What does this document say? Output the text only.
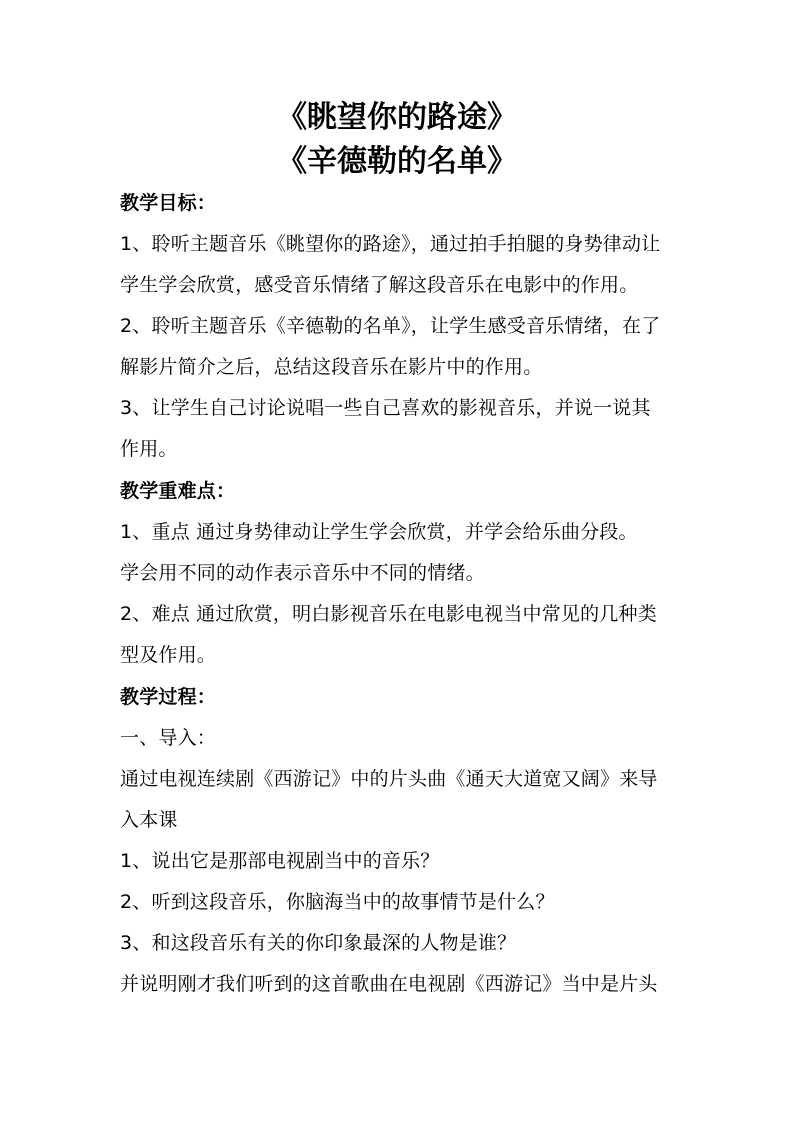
《眺望你的路途》
《辛德勒的名单》
教学目标：
1、聆听主题音乐《眺望你的路途》，通过拍手拍腿的身势律动让
学生学会欣赏，感受音乐情绪了解这段音乐在电影中的作用。
2、聆听主题音乐《辛德勒的名单》，让学生感受音乐情绪，在了
解影片简介之后，总结这段音乐在影片中的作用。
3、让学生自己讨论说唱一些自己喜欢的影视音乐，并说一说其
作用。
教学重难点：
1、重点 通过身势律动让学生学会欣赏，并学会给乐曲分段。
学会用不同的动作表示音乐中不同的情绪。
2、难点 通过欣赏，明白影视音乐在电影电视当中常见的几种类
型及作用。
教学过程：
一、导入：
通过电视连续剧《西游记》中的片头曲《通天大道宽又阔》来导
入本课
1、说出它是那部电视剧当中的音乐？
2、听到这段音乐，你脑海当中的故事情节是什么？
3、和这段音乐有关的你印象最深的人物是谁？
并说明刚才我们听到的这首歌曲在电视剧《西游记》当中是片头
